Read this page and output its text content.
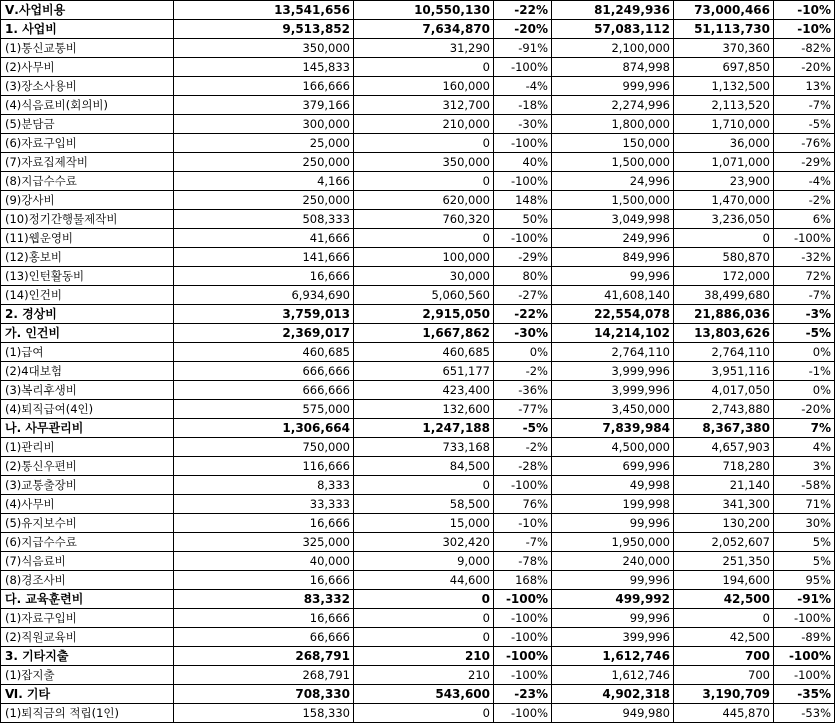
Ⅴ.사업비용	13,541,656	10,550,130	-22%	81,249,936	73,000,466	-10%
1. 사업비	9,513,852	7,634,870	-20%	57,083,112	51,113,730	-10%
(1)통신교통비	350,000	31,290	-91%	2,100,000	370,360	-82%
(2)사무비	145,833	0	-100%	874,998	697,850	-20%
(3)장소사용비	166,666	160,000	-4%	999,996	1,132,500	13%
(4)식음료비(회의비)	379,166	312,700	-18%	2,274,996	2,113,520	-7%
(5)분담금	300,000	210,000	-30%	1,800,000	1,710,000	-5%
(6)자료구입비	25,000	0	-100%	150,000	36,000	-76%
(7)자료집제작비	250,000	350,000	40%	1,500,000	1,071,000	-29%
(8)지급수수료	4,166	0	-100%	24,996	23,900	-4%
(9)강사비	250,000	620,000	148%	1,500,000	1,470,000	-2%
(10)정기간행물제작비	508,333	760,320	50%	3,049,998	3,236,050	6%
(11)웹운영비	41,666	0	-100%	249,996	0	-100%
(12)홍보비	141,666	100,000	-29%	849,996	580,870	-32%
(13)인턴활동비	16,666	30,000	80%	99,996	172,000	72%
(14)인건비	6,934,690	5,060,560	-27%	41,608,140	38,499,680	-7%
2. 경상비	3,759,013	2,915,050	-22%	22,554,078	21,886,036	-3%
가. 인건비	2,369,017	1,667,862	-30%	14,214,102	13,803,626	-5%
(1)급여	460,685	460,685	0%	2,764,110	2,764,110	0%
(2)4대보험	666,666	651,177	-2%	3,999,996	3,951,116	-1%
(3)복리후생비	666,666	423,400	-36%	3,999,996	4,017,050	0%
(4)퇴직급여(4인)	575,000	132,600	-77%	3,450,000	2,743,880	-20%
나. 사무관리비	1,306,664	1,247,188	-5%	7,839,984	8,367,380	7%
(1)관리비	750,000	733,168	-2%	4,500,000	4,657,903	4%
(2)통신우편비	116,666	84,500	-28%	699,996	718,280	3%
(3)교통출장비	8,333	0	-100%	49,998	21,140	-58%
(4)사무비	33,333	58,500	76%	199,998	341,300	71%
(5)유지보수비	16,666	15,000	-10%	99,996	130,200	30%
(6)지급수수료	325,000	302,420	-7%	1,950,000	2,052,607	5%
(7)식음료비	40,000	9,000	-78%	240,000	251,350	5%
(8)경조사비	16,666	44,600	168%	99,996	194,600	95%
다. 교육훈련비	83,332	0	-100%	499,992	42,500	-91%
(1)자료구입비	16,666	0	-100%	99,996	0	-100%
(2)직원교육비	66,666	0	-100%	399,996	42,500	-89%
3. 기타지출	268,791	210	-100%	1,612,746	700	-100%
(1)잡지출	268,791	210	-100%	1,612,746	700	-100%
Ⅵ. 기타	708,330	543,600	-23%	4,902,318	3,190,709	-35%
(1)퇴직금의 적립(1인)	158,330	0	-100%	949,980	445,870	-53%
